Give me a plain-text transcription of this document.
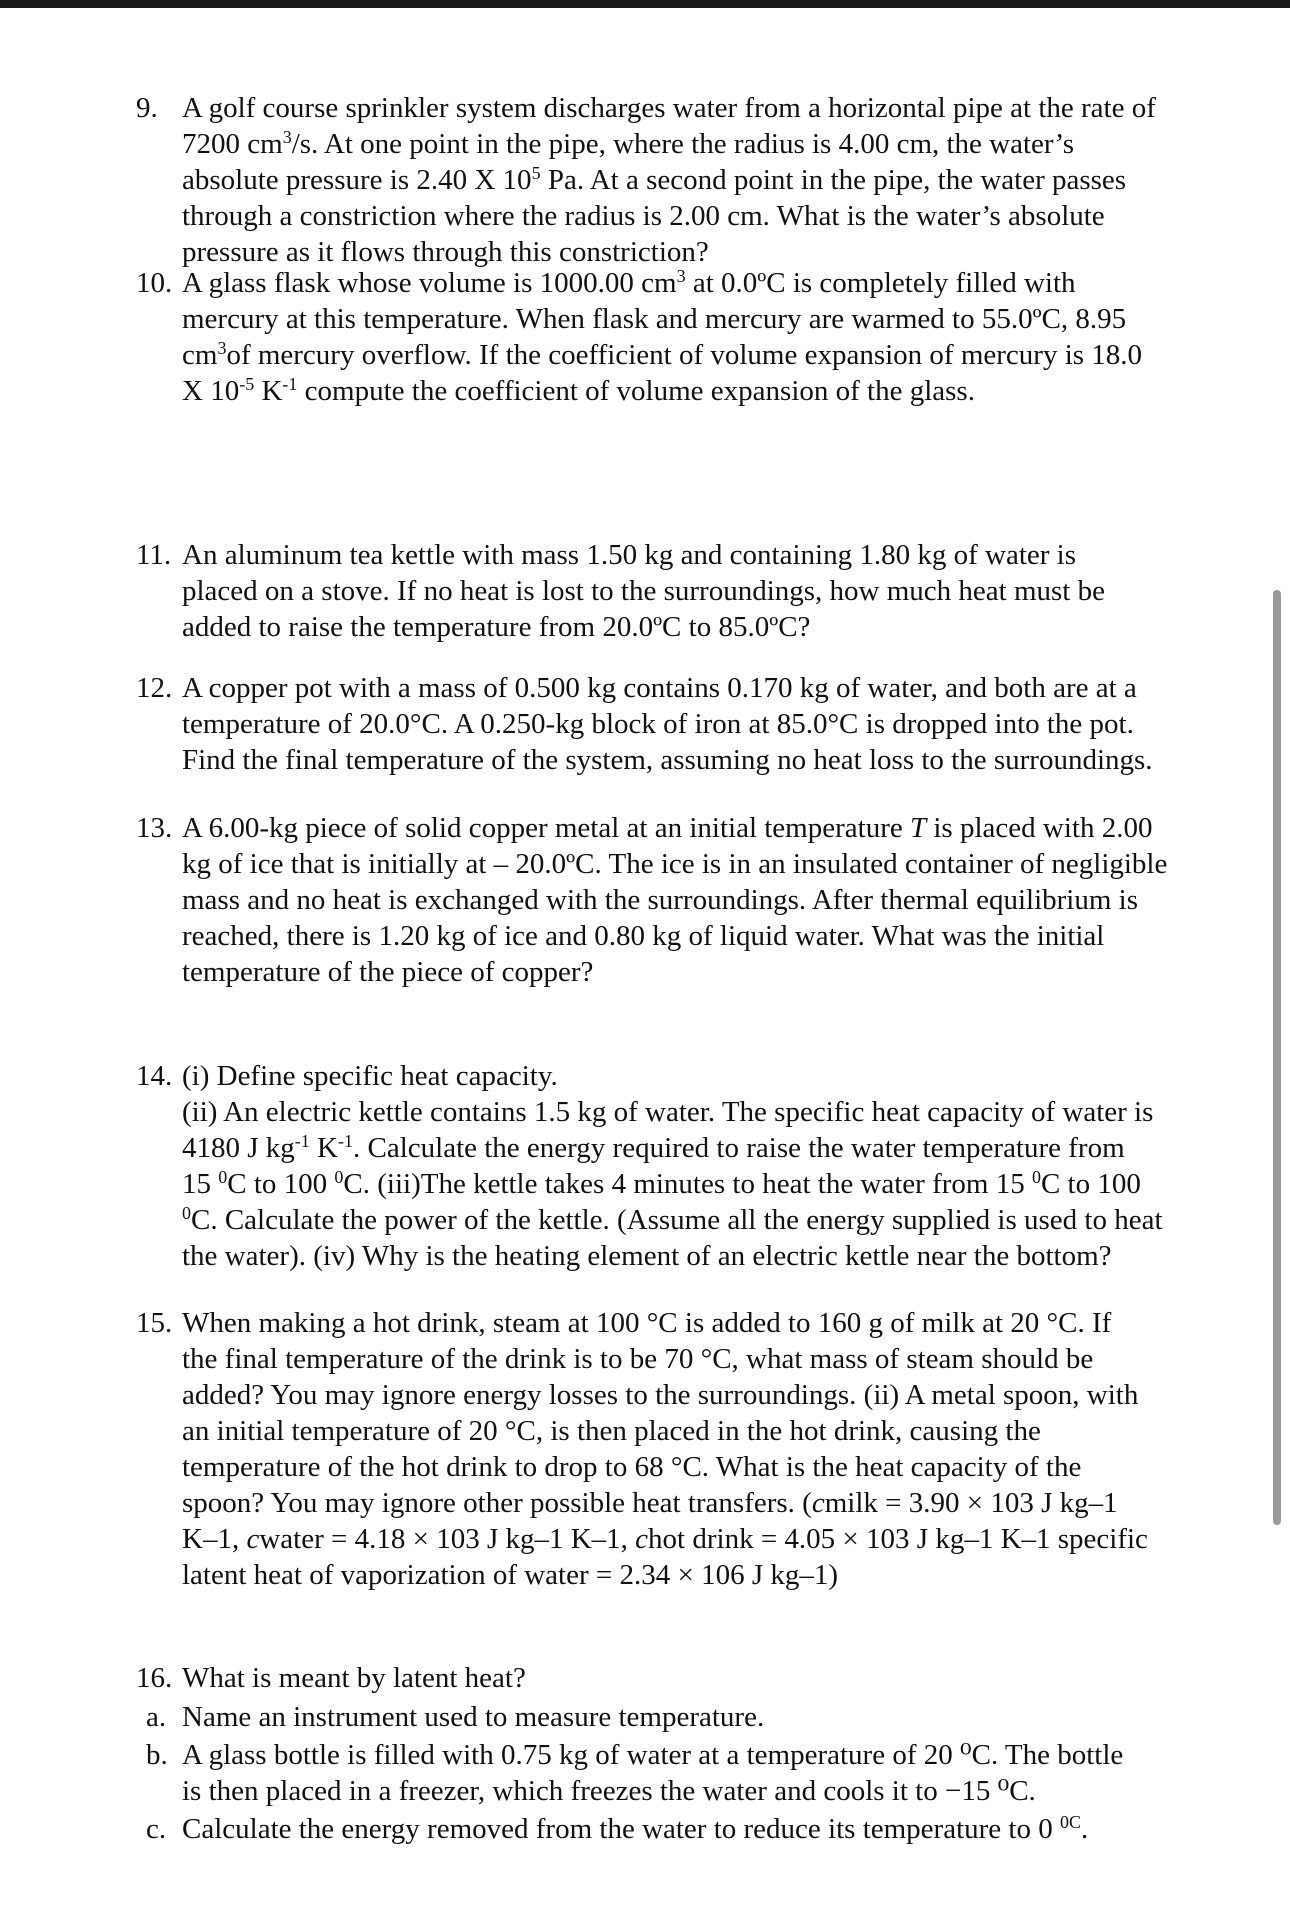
9. A golf course sprinkler system discharges water from a horizontal pipe at the rate of
7200 $cm^3/s$. At one point in the pipe, where the radius is 4.00 cm, the water’s
absolute pressure is 2.40 X $10^5$ Pa. At a second point in the pipe, the water passes
through a constriction where the radius is 2.00 cm. What is the water’s absolute
pressure as it flows through this constriction?
10. A glass flask whose volume is 1000.00 $cm^3$ at 0.0ºC is completely filled with
mercury at this temperature. When flask and mercury are warmed to 55.0ºC, 8.95
$cm^3of$ mercury overflow. If the coefficient of volume expansion of mercury is 18.0
X $10^{-5}$ $K^{-1}$ compute the coefficient of volume expansion of the glass.
11. An aluminum tea kettle with mass 1.50 kg and containing 1.80 kg of water is
placed on a stove. If no heat is lost to the surroundings, how much heat must be
added to raise the temperature from 20.0ºC to 85.0ºC?
12. A copper pot with a mass of 0.500 kg contains 0.170 kg of water, and both are at a
temperature of 20.0°C. A 0.250-kg block of iron at 85.0°C is dropped into the pot.
Find the final temperature of the system, assuming no heat loss to the surroundings.
13. A 6.00-kg piece of solid copper metal at an initial temperature T is placed with 2.00
kg of ice that is initially at – 20.0ºC. The ice is in an insulated container of negligible
mass and no heat is exchanged with the surroundings. After thermal equilibrium is
reached, there is 1.20 kg of ice and 0.80 kg of liquid water. What was the initial
temperature of the piece of copper?
14. (i) Define specific heat capacity.
(ii) An electric kettle contains 1.5 kg of water. The specific heat capacity of water is
4180 J $kg^{-1}$ $K^{-1}$. Calculate the energy required to raise the water temperature from
15 $^0$C to 100 $^0$C. (iii)The kettle takes 4 minutes to heat the water from 15 $^0$C to 100
$^0$C. Calculate the power of the kettle. (Assume all the energy supplied is used to heat
the water). (iv) Why is the heating element of an electric kettle near the bottom?
15. When making a hot drink, steam at 100 °C is added to 160 g of milk at 20 °C. If
the final temperature of the drink is to be 70 °C, what mass of steam should be
added? You may ignore energy losses to the surroundings. (ii) A metal spoon, with
an initial temperature of 20 °C, is then placed in the hot drink, causing the
temperature of the hot drink to drop to 68 °C. What is the heat capacity of the
spoon? You may ignore other possible heat transfers. (cmilk = 3.90 × 103 J kg–1
K–1, cwater = 4.18 × 103 J kg–1 K–1, chot drink = 4.05 × 103 J kg–1 K–1 specific
latent heat of vaporization of water = 2.34 × 106 J kg–1)
16. What is meant by latent heat?
a. Name an instrument used to measure temperature.
b. A glass bottle is filled with 0.75 kg of water at a temperature of 20 ⁰C. The bottle
is then placed in a freezer, which freezes the water and cools it to −15 ⁰C.
c. Calculate the energy removed from the water to reduce its temperature to 0 $^{0C}$.
